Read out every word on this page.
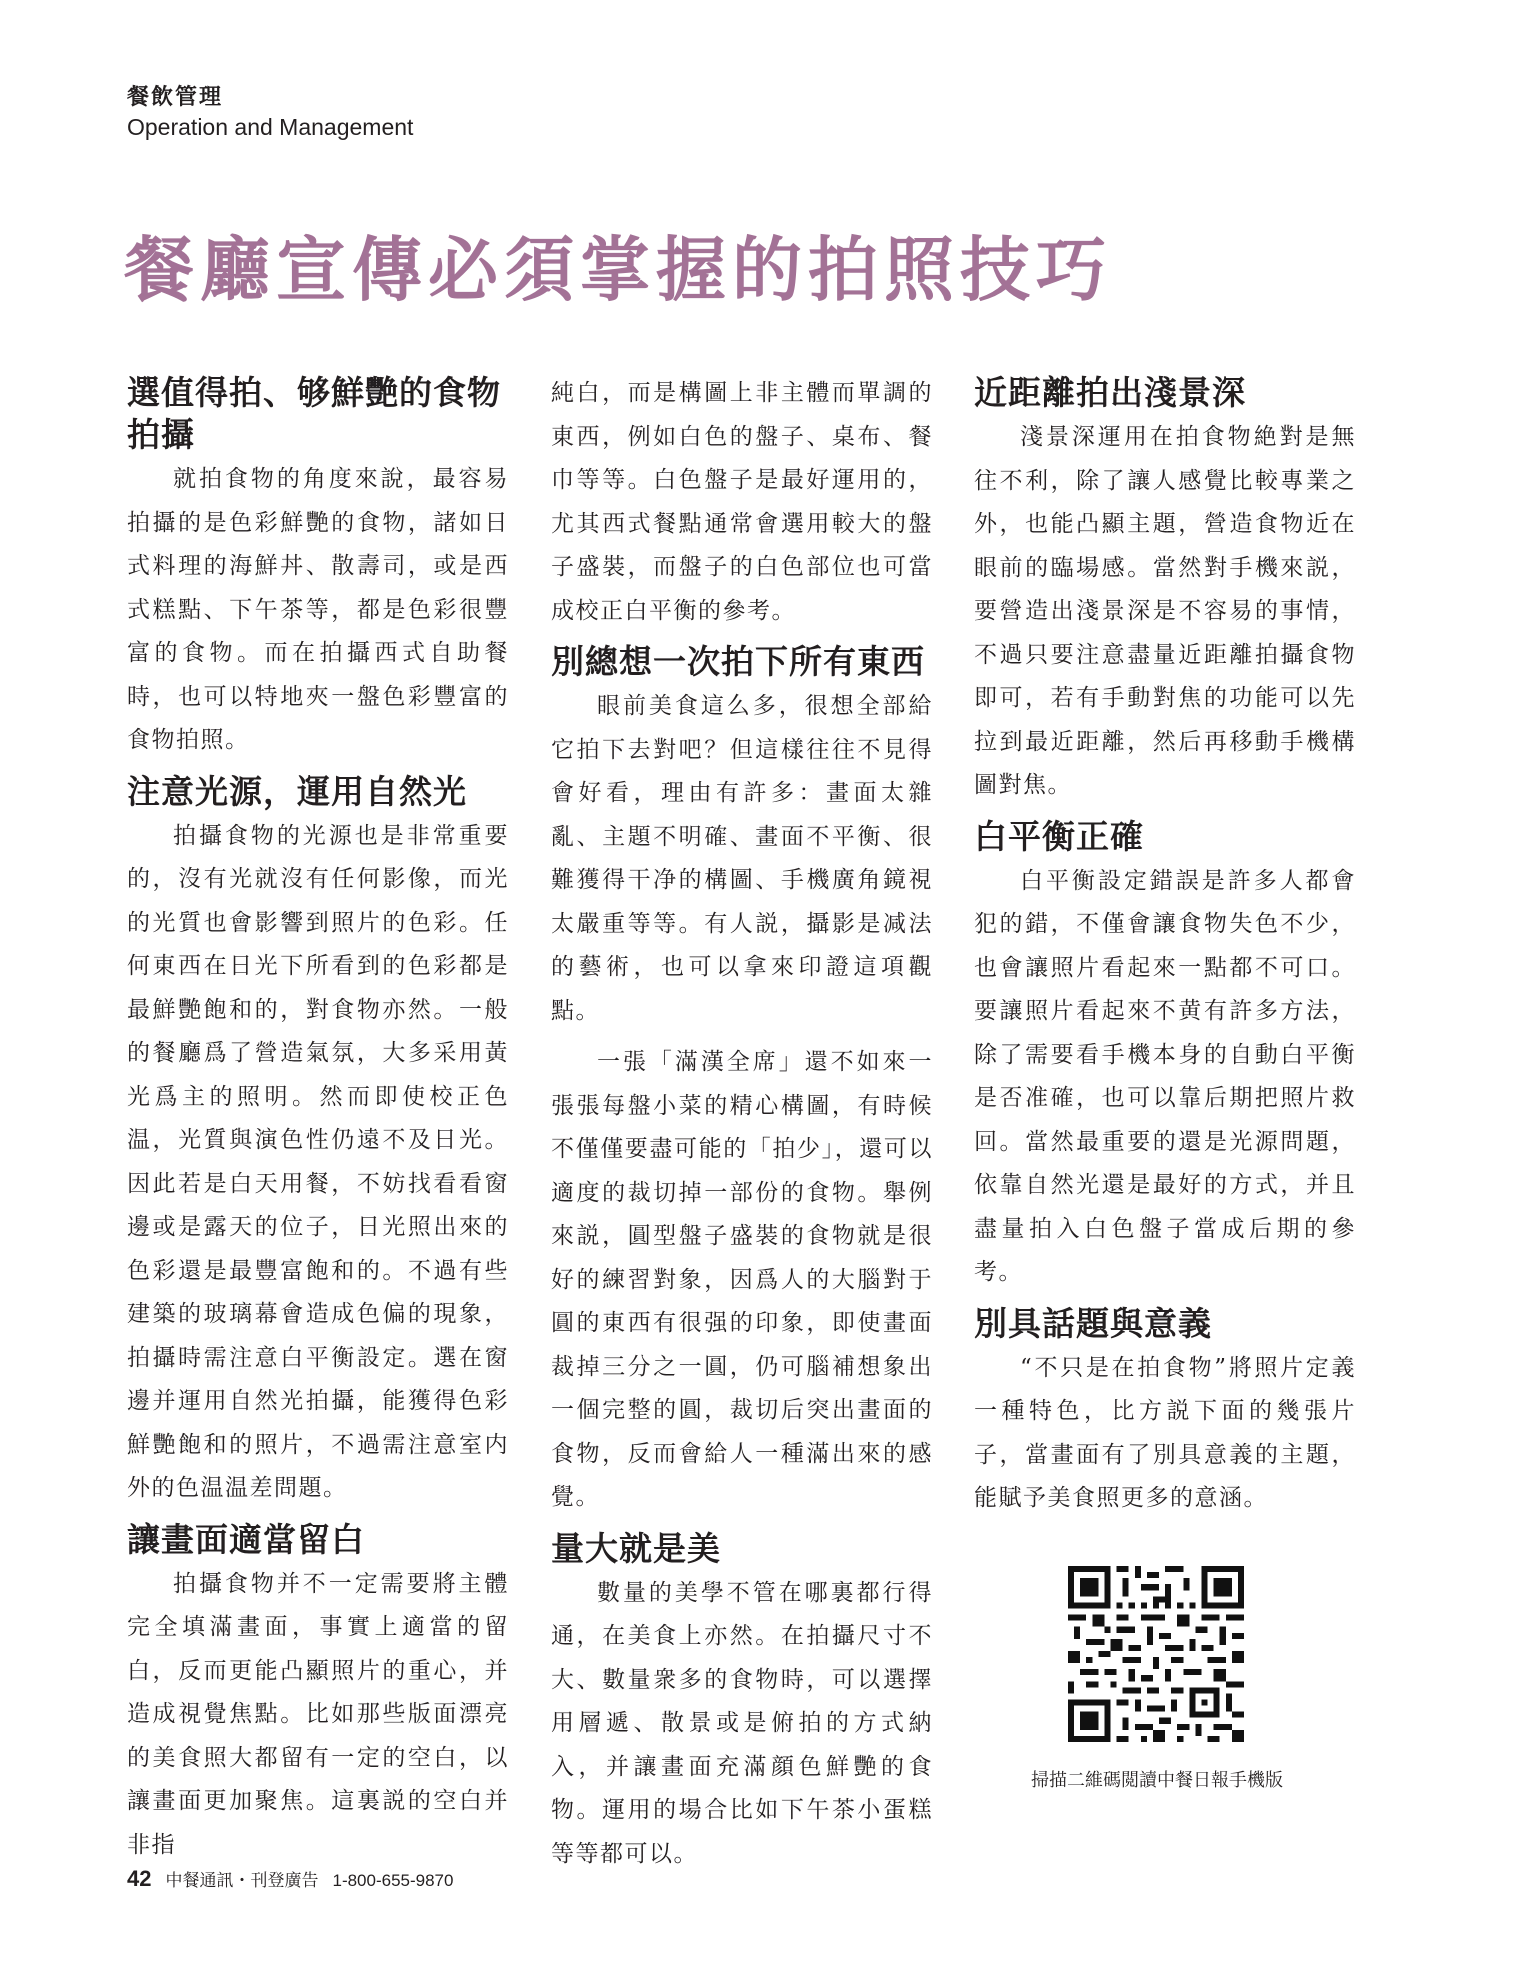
餐飲管理
Operation and Management
餐廳宣傳必須掌握的拍照技巧
選值得拍、够鮮艷的食物拍攝
就拍食物的角度來說，最容易拍攝的是色彩鮮艷的食物，諸如日式料理的海鮮丼、散壽司，或是西式糕點、下午茶等，都是色彩很豐富的食物。而在拍攝西式自助餐時，也可以特地夾一盤色彩豐富的食物拍照。
注意光源，運用自然光
拍攝食物的光源也是非常重要的，沒有光就沒有任何影像，而光的光質也會影響到照片的色彩。任何東西在日光下所看到的色彩都是最鮮艷飽和的，對食物亦然。一般的餐廳爲了營造氣氛，大多采用黃光爲主的照明。然而即使校正色温，光質與演色性仍遠不及日光。因此若是白天用餐，不妨找看看窗邊或是露天的位子，日光照出來的色彩還是最豐富飽和的。不過有些建築的玻璃幕會造成色偏的現象，拍攝時需注意白平衡設定。選在窗邊并運用自然光拍攝，能獲得色彩鮮艷飽和的照片，不過需注意室内外的色温温差問題。
讓畫面適當留白
拍攝食物并不一定需要將主體完全填滿畫面，事實上適當的留白，反而更能凸顯照片的重心，并造成視覺焦點。比如那些版面漂亮的美食照大都留有一定的空白，以讓畫面更加聚焦。這裏説的空白并非指
純白，而是構圖上非主體而單調的東西，例如白色的盤子、桌布、餐巾等等。白色盤子是最好運用的，尤其西式餐點通常會選用較大的盤子盛裝，而盤子的白色部位也可當成校正白平衡的參考。
別總想一次拍下所有東西
眼前美食這么多，很想全部給它拍下去對吧？但這樣往往不見得會好看，理由有許多：畫面太雜亂、主題不明確、畫面不平衡、很難獲得干净的構圖、手機廣角鏡視太嚴重等等。有人説，攝影是减法的藝術，也可以拿來印證這項觀點。
一張「滿漢全席」還不如來一張張每盤小菜的精心構圖，有時候不僅僅要盡可能的「拍少」，還可以適度的裁切掉一部份的食物。舉例來説，圓型盤子盛裝的食物就是很好的練習對象，因爲人的大腦對于圓的東西有很强的印象，即使畫面裁掉三分之一圓，仍可腦補想象出一個完整的圓，裁切后突出畫面的食物，反而會給人一種滿出來的感覺。
量大就是美
數量的美學不管在哪裏都行得通，在美食上亦然。在拍攝尺寸不大、數量衆多的食物時，可以選擇用層遞、散景或是俯拍的方式納入，并讓畫面充滿顔色鮮艷的食物。運用的場合比如下午茶小蛋糕等等都可以。
近距離拍出淺景深
淺景深運用在拍食物絶對是無往不利，除了讓人感覺比較專業之外，也能凸顯主題，營造食物近在眼前的臨場感。當然對手機來説，要營造出淺景深是不容易的事情，不過只要注意盡量近距離拍攝食物即可，若有手動對焦的功能可以先拉到最近距離，然后再移動手機構圖對焦。
白平衡正確
白平衡設定錯誤是許多人都會犯的錯，不僅會讓食物失色不少，也會讓照片看起來一點都不可口。要讓照片看起來不黄有許多方法，除了需要看手機本身的自動白平衡是否准確，也可以靠后期把照片救回。當然最重要的還是光源問題，依靠自然光還是最好的方式，并且盡量拍入白色盤子當成后期的參考。
別具話題與意義
“不只是在拍食物”將照片定義一種特色，比方説下面的幾張片子，當畫面有了別具意義的主題，能賦予美食照更多的意涵。
掃描二維碼閲讀中餐日報手機版
42 中餐通訊・刊登廣告 1-800-655-9870
